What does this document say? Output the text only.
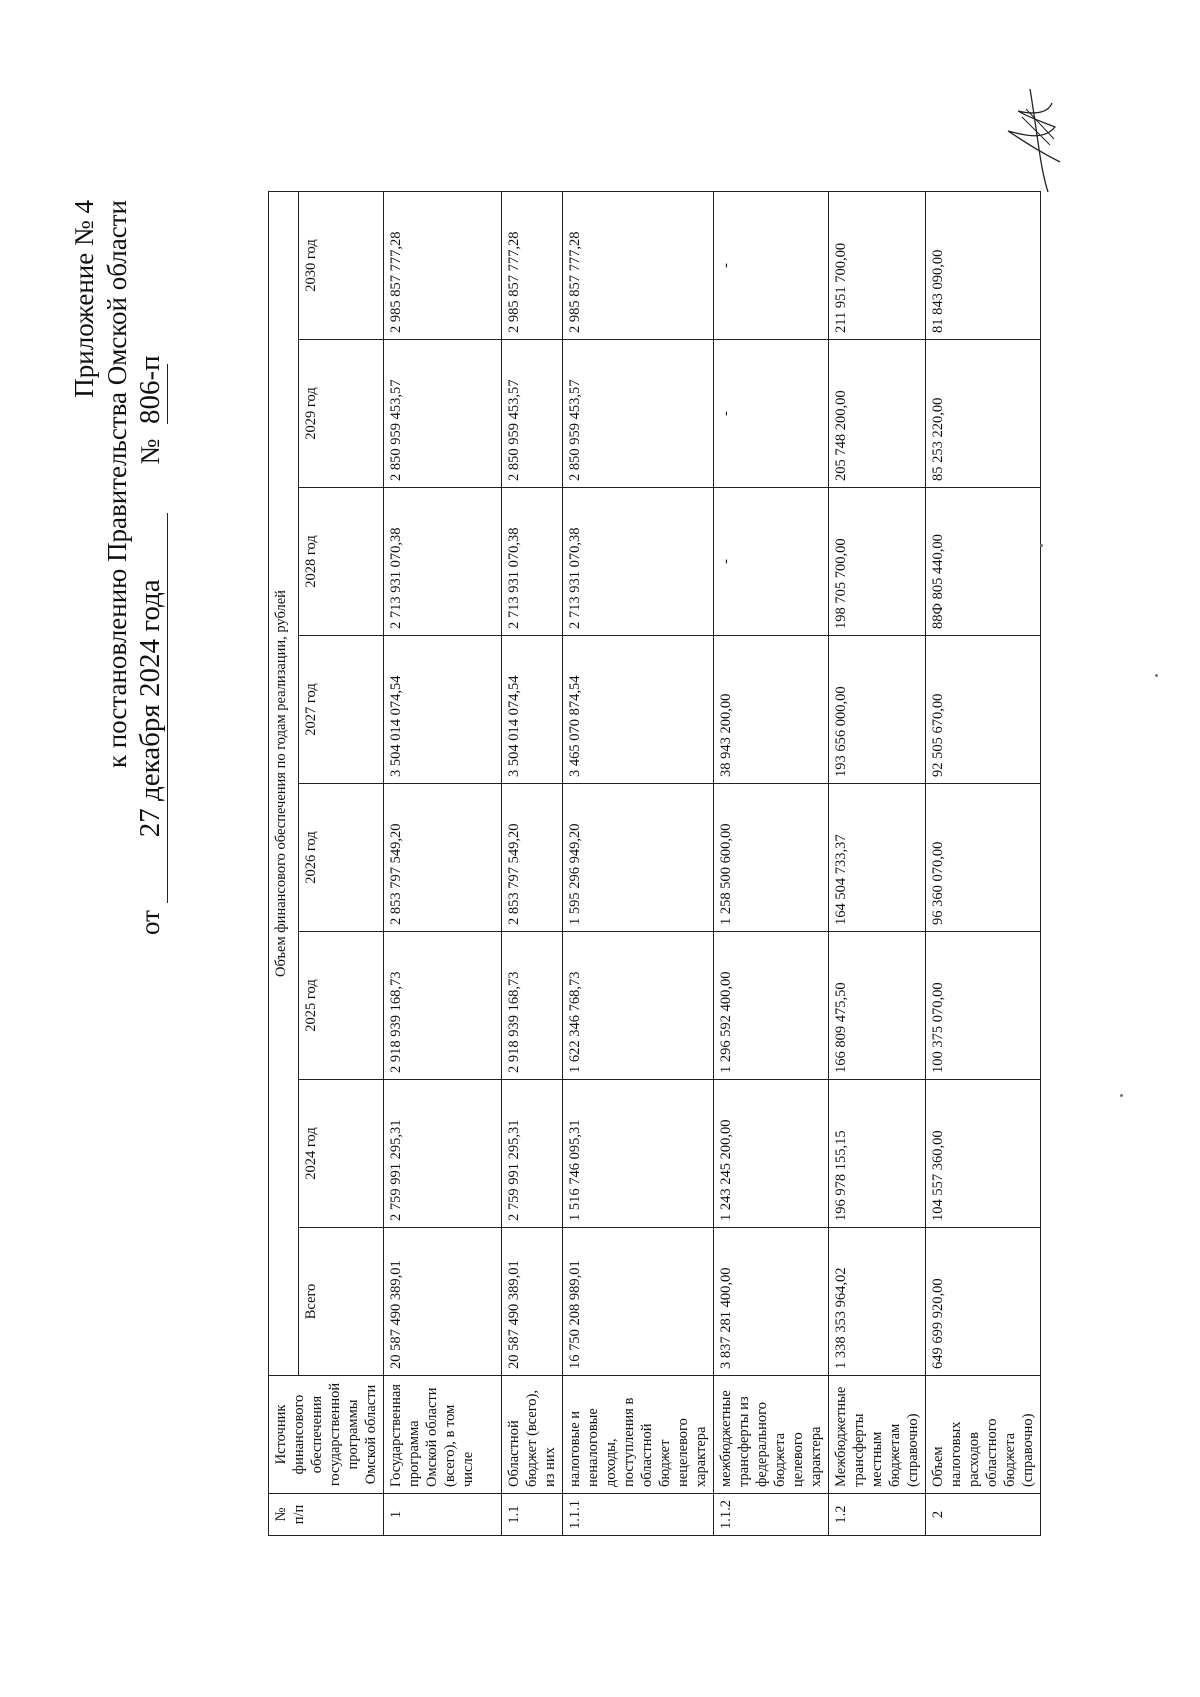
Приложение № 4 к постановлению Правительства Омской области
от 27 декабря 2024 года № 806-п
№ п/п	Источник финансового обеспечения государственной программы Омской области	Объем финансового обеспечения по годам реализации, рублей							
		Всего	2024 год	2025 год	2026 год	2027 год	2028 год	2029 год	2030 год
1	Государственная программа Омской области (всего), в том числе	20 587 490 389,01	2 759 991 295,31	2 918 939 168,73	2 853 797 549,20	3 504 014 074,54	2 713 931 070,38	2 850 959 453,57	2 985 857 777,28
1.1	Областной бюджет (всего), из них	20 587 490 389,01	2 759 991 295,31	2 918 939 168,73	2 853 797 549,20	3 504 014 074,54	2 713 931 070,38	2 850 959 453,57	2 985 857 777,28
1.1.1	налоговые и неналоговые доходы, поступления в областной бюджет нецелевого характера	16 750 208 989,01	1 516 746 095,31	1 622 346 768,73	1 595 296 949,20	3 465 070 874,54	2 713 931 070,38	2 850 959 453,57	2 985 857 777,28
1.1.2	межбюджетные трансферты из федерального бюджета целевого характера	3 837 281 400,00	1 243 245 200,00	1 296 592 400,00	1 258 500 600,00	38 943 200,00	-	-	-
1.2	Межбюджетные трансферты местным бюджетам (справочно)	1 338 353 964,02	196 978 155,15	166 809 475,50	164 504 733,37	193 656 000,00	198 705 700,00	205 748 200,00	211 951 700,00
2	Объем налоговых расходов областного бюджета (справочно)	649 699 920,00	104 557 360,00	100 375 070,00	96 360 070,00	92 505 670,00	88Ф 805 440,00	85 253 220,00	81 843 090,00
